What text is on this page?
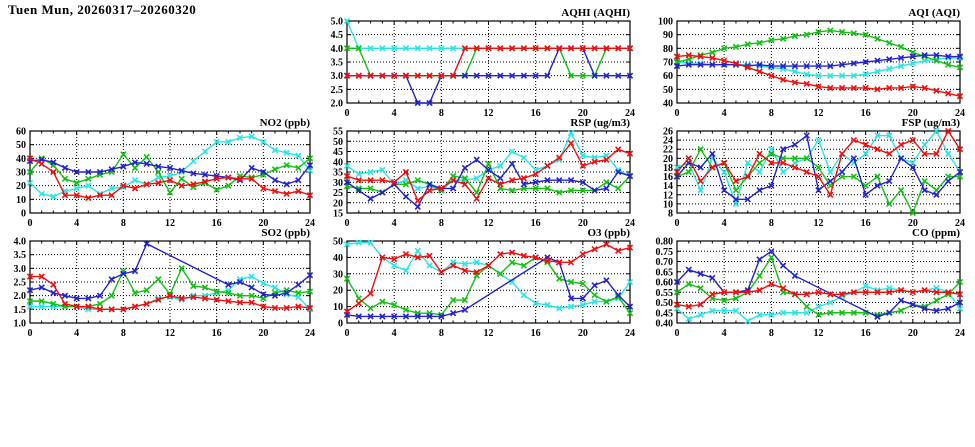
Tuen Mun, 20260317–20260320
2.0
2.5
3.0
3.5
4.0
4.5
5.0
0	4	8	12	16	20	24
AQHI (AQHI)
40
50
60
70
80
90
100
0	4	8	12	16	20	24
AQI (AQI)
0
10
20
30
40
50
60
0	4	8	12	16	20	24
NO2 (ppb)
15
20
25
30
35
40
45
50
55
0	4	8	12	16	20	24
RSP (ug/m3)
8
10
12
14
16
18
20
22
24
26
0	4	8	12	16	20	24
FSP (ug/m3)
1.0
1.5
2.0
2.5
3.0
3.5
4.0
0	4	8	12	16	20	24
SO2 (ppb)
0
10
20
30
40
50
0	4	8	12	16	20	24
O3 (ppb)
0.40
0.45
0.50
0.55
0.60
0.65
0.70
0.75
0.80
0	4	8	12	16	20	24
CO (ppm)
